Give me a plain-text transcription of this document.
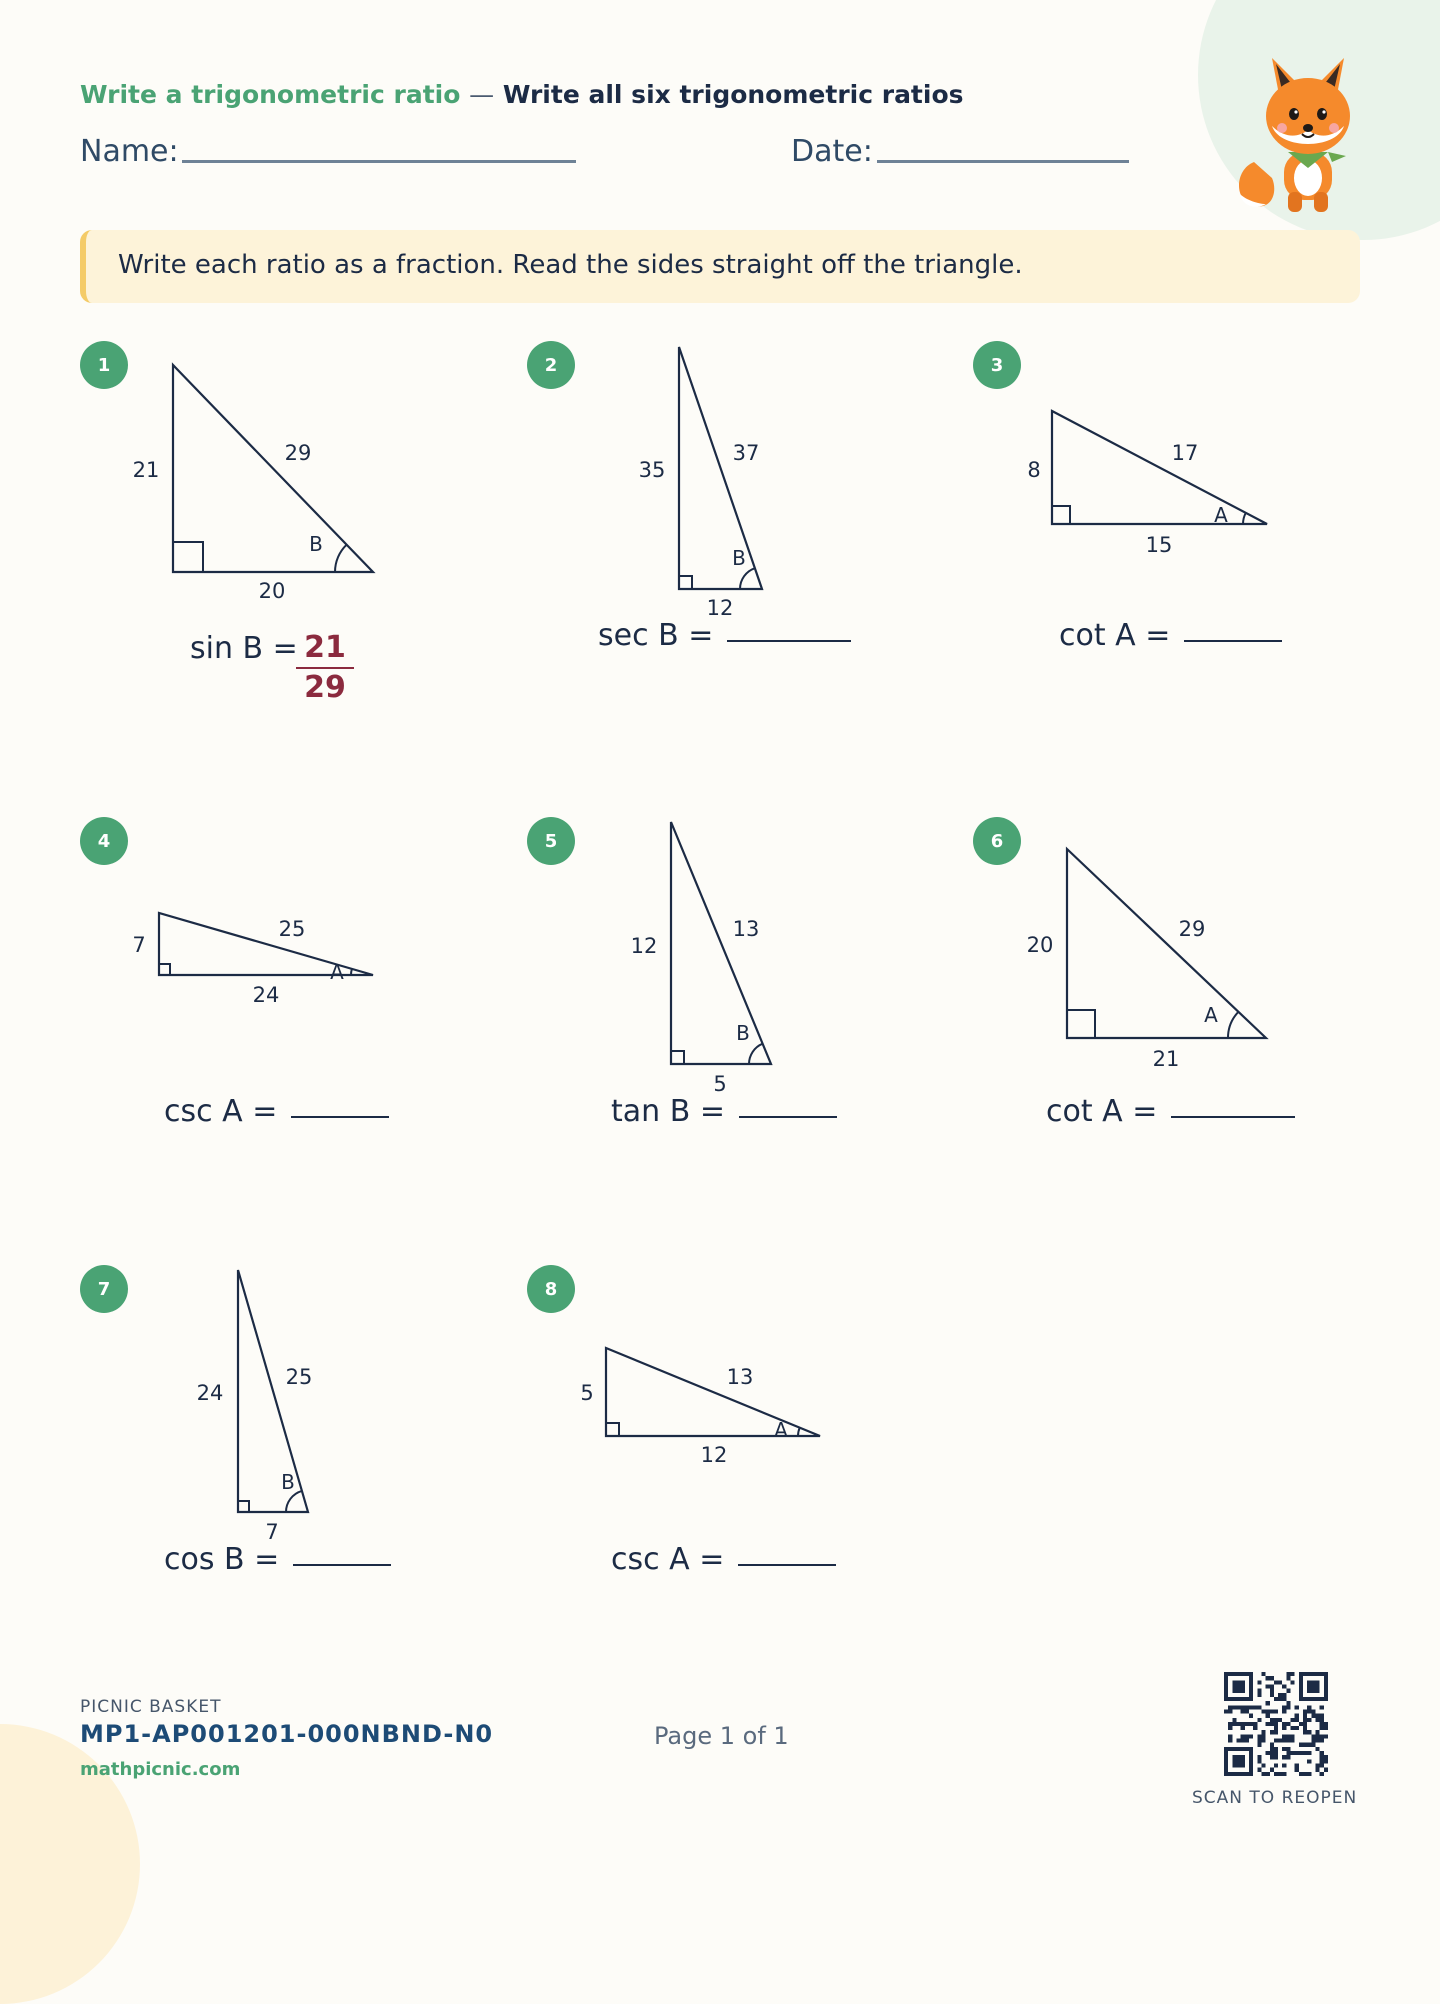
Write a trigonometric ratio — Write all six trigonometric ratios
Name:	Date:
Write each ratio as a fraction. Read the sides straight off the triangle.
1
21
29
20
B
sin B = 21
29
2
35
37
12
B
sec B =
3
8
17
15
A
cot A =
4
7
25
24
A
csc A =
5
12
13
5
B
tan B =
6
20
29
21
A
cot A =
7
24
25
7
B
cos B =
8
5
13
12
A
csc A =
PICNIC BASKET
MP1-AP001201-000NBND-N0
mathpicnic.com
Page 1 of 1
SCAN TO REOPEN
